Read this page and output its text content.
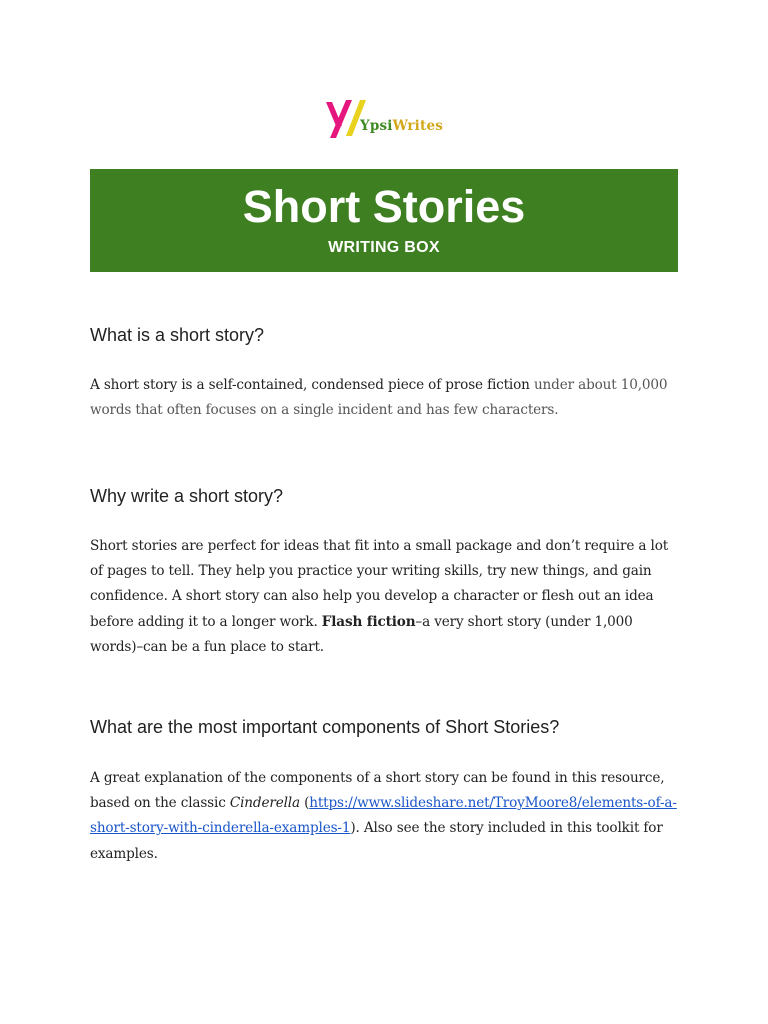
YpsiWrites
Short Stories
WRITING BOX
What is a short story?

A short story is a self-contained, condensed piece of prose fiction under about 10,000 words that often focuses on a single incident and has few characters.

Why write a short story?

Short stories are perfect for ideas that fit into a small package and don’t require a lot of pages to tell. They help you practice your writing skills, try new things, and gain confidence. A short story can also help you develop a character or flesh out an idea before adding it to a longer work. Flash fiction–a very short story (under 1,000 words)–can be a fun place to start.

What are the most important components of Short Stories?

A great explanation of the components of a short story can be found in this resource, based on the classic Cinderella (https://www.slideshare.net/TroyMoore8/elements-of-a-short-story-with-cinderella-examples-1). Also see the story included in this toolkit for examples.
